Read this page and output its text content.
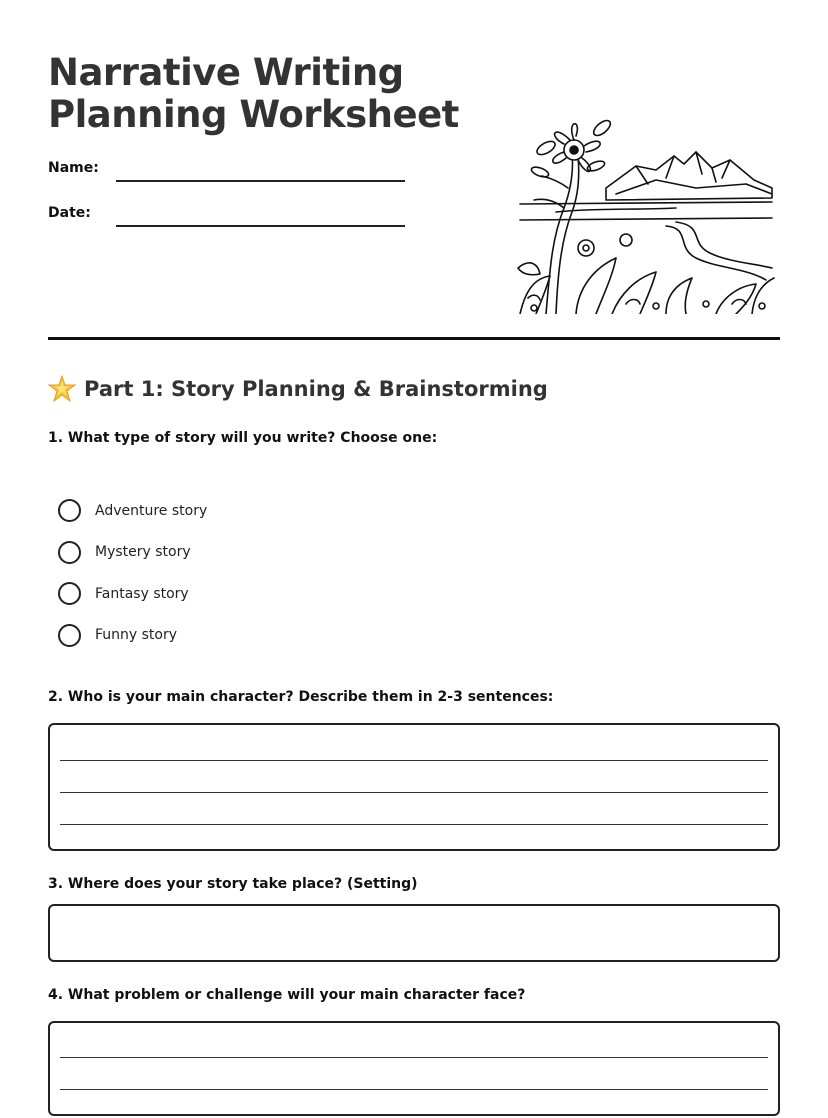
Narrative Writing
Planning Worksheet
Name:
Date:
Part 1: Story Planning & Brainstorming
1. What type of story will you write? Choose one:
Adventure story
Mystery story
Fantasy story
Funny story
2. Who is your main character? Describe them in 2-3 sentences:
3. Where does your story take place? (Setting)
4. What problem or challenge will your main character face?
